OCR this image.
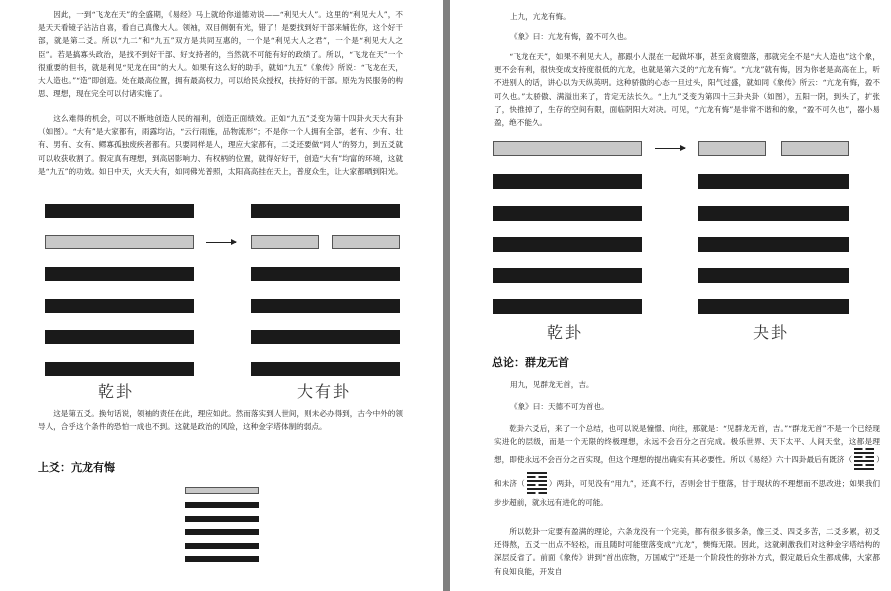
因此，一到“飞龙在天”的全盛期，《易经》马上就给你道德劝说——“利见大人”。这里的“利见大人”，不是天天看镜子沾沾自喜，看自己真像大人。领袖，双目侧朝有光，错了！是要找到好干部来辅佐你，这个好干部，就是第二爻。所以“九二”和“九五”双方是共同互惠的，一个是“利见大人之君”，一个是“利见大人之臣”。若是搞寡头政治，是找不到好干部、好支持者的，当然就不可能有好的政绩了。所以，“飞龙在天”一个很重要的但书，就是利见“见龙在田”的大人。如果有这么好的助手，就如“九五”《象传》所说：“飞龙在天，大人造也。”“造”即创造。处在最高位置，拥有最高权力，可以给民众授权，扶持好的干部。原先为民服务的构思、理想，现在完全可以付诸实施了。

这么难得的机会，可以不断地创造人民的福利，创造正面绩效。正如“九五”爻变为第十四卦火天大有卦（如图）。“大有”是大家都有，雨露均沾，“云行雨施，品物流形”；不是你一个人拥有全部，老有、少有、壮有、男有、女有、鳏寡孤独废疾者都有。只要同样是人，理应大家都有，二爻还要做“同人”的努力，到五爻就可以收获收割了。假定真有理想，到高居影响力、有权柄的位置，就得好好干，创造“大有”均富的环境，这就是“九五”的功效。如日中天，火天大有，如同佛光普照，太阳高高挂在天上，普度众生，让大家都晒到阳光。

乾卦	大有卦

这是第五爻。换句话说，领袖的责任在此，理应如此。然而落实到人世间，则未必办得到，古今中外的领导人，合乎这个条件的恐怕一成也不到。这就是政治的风险，这种金字塔体制的弱点。

上爻：亢龙有悔

上九，亢龙有悔。

《象》曰：亢龙有悔，盈不可久也。

“飞龙在天”，如果不利见大人，都跟小人混在一起做坏事，甚至贪腐堕落，那就完全不是“大人造也”这个象，更不会有利，很快变成支持度很低的亢龙，也就是第六爻的“亢龙有悔”。“亢龙”就有悔，因为你老是高高在上，听不进别人的话，讲心以为天纵英明。这种骄傲的心态一旦过头，阳气过盛，就如同《象传》所云：“亢龙有悔，盈不可久也。”太骄傲、满溢出来了，肯定无法长久。“上九”爻变为第四十三卦夬卦（如图），五阳一阴，到头了，扩张了，快推掉了，生存的空间有限，面临阴阳大对决。可见，“亢龙有悔”是非常不谐和的象，“盈不可久也”，器小易盈，绝不能久。

乾卦	夬卦
总论：群龙无首

用九，见群龙无首，吉。

《象》曰：天德不可为首也。

乾卦六爻后，来了一个总结，也可以说是憧憬、向往，那就是：“见群龙无首，吉。”“群龙无首”不是一个已经现实进化的层级，而是一个无限的终极理想，永远不会百分之百完成。极乐世界、天下太平、人间天堂，这都是理想，即使永远不会百分之百实现，但这个理想的提出确实有其必要性。所以《易经》六十四卦最后有既济（	）和未济（	）两卦，可见没有“用九”，还真不行，否则会甘于堕落，甘于现状的不理想而不思改进；如果我们步步超前，就永远有进化的可能。

所以乾卦一定要有盈满的理论，六条龙没有一个完美，都有很多很多条，像三爻、四爻多苦，二爻多累，初爻还得熬，五爻一出点不轻松，而且随时可能堕落变成“亢龙”，懊悔无限。因此，这就刺激我们对这种金字塔结构的深层反省了。前面《象传》讲到“首出庶物，万国咸宁”还是一个阶段性的弥补方式，假定最后众生都成佛，大家都有良知良能，开发自
